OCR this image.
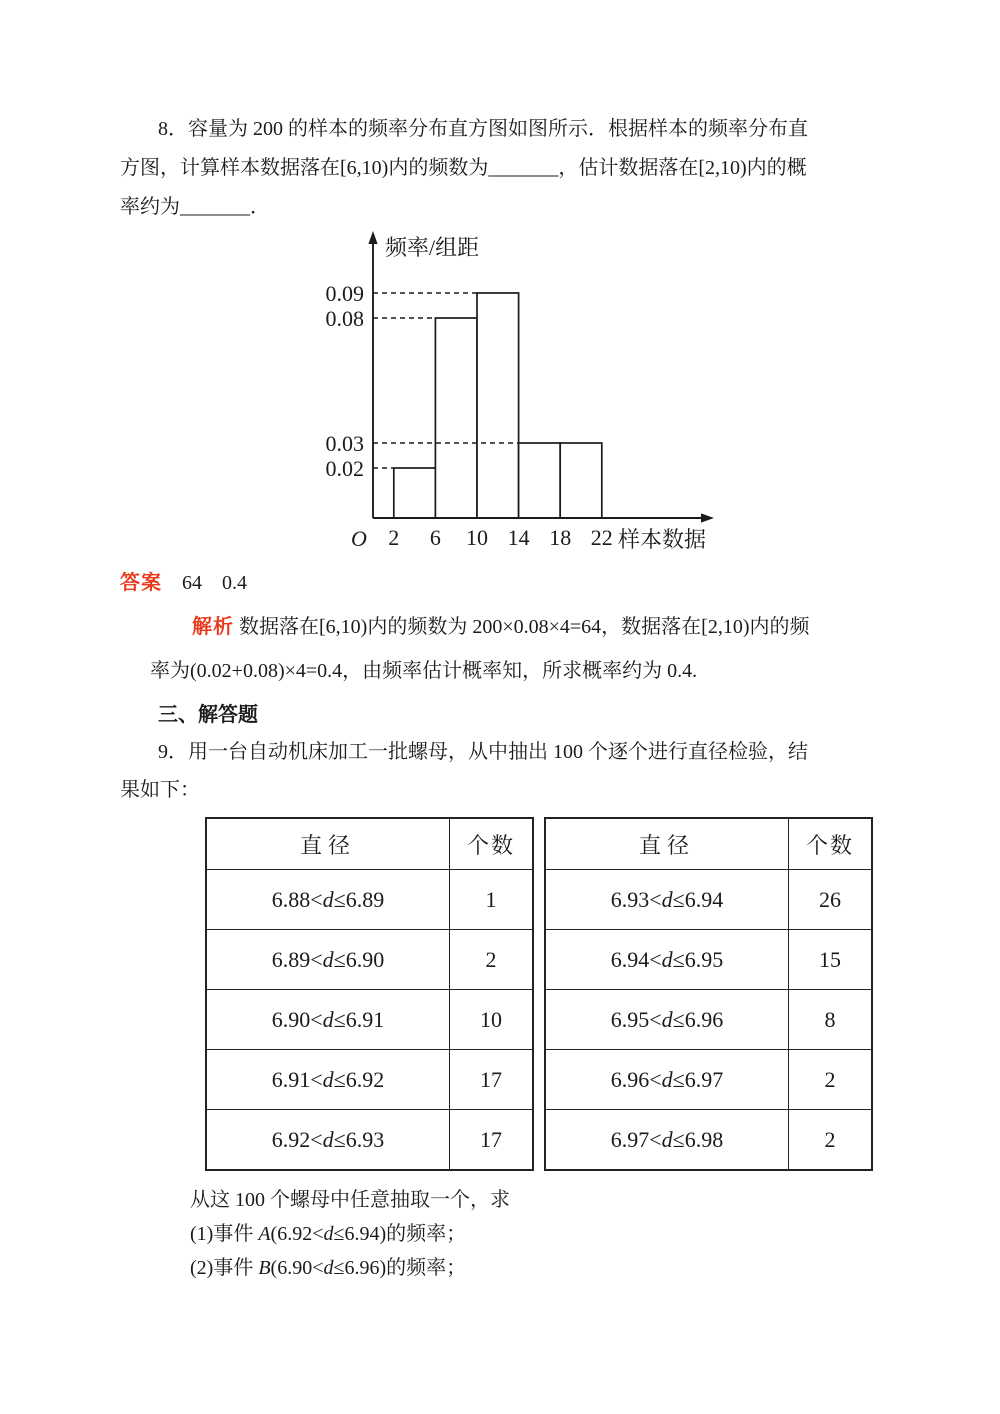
8．容量为 200 的样本的频率分布直方图如图所示．根据样本的频率分布直
方图，计算样本数据落在[6,10)内的频数为_______，估计数据落在[2,10)内的概
率约为_______．
0.09
0.08
0.03
0.02
2 6 10 14 18 22
O
频率/组距
样本数据
答案 64 0.4
解析 数据落在[6,10)内的频数为 200×0.08×4=64，数据落在[2,10)内的频
率为(0.02+0.08)×4=0.4，由频率估计概率知，所求概率约为 0.4.
三、解答题
9．用一台自动机床加工一批螺母，从中抽出 100 个逐个进行直径检验，结
果如下：
直径	个数
6.88<d≤6.89	1
6.89<d≤6.90	2
6.90<d≤6.91	10
6.91<d≤6.92	17
6.92<d≤6.93	17
直径	个数
6.93<d≤6.94	26
6.94<d≤6.95	15
6.95<d≤6.96	8
6.96<d≤6.97	2
6.97<d≤6.98	2
从这 100 个螺母中任意抽取一个，求
(1)事件 A(6.92<d≤6.94)的频率；
(2)事件 B(6.90<d≤6.96)的频率；
